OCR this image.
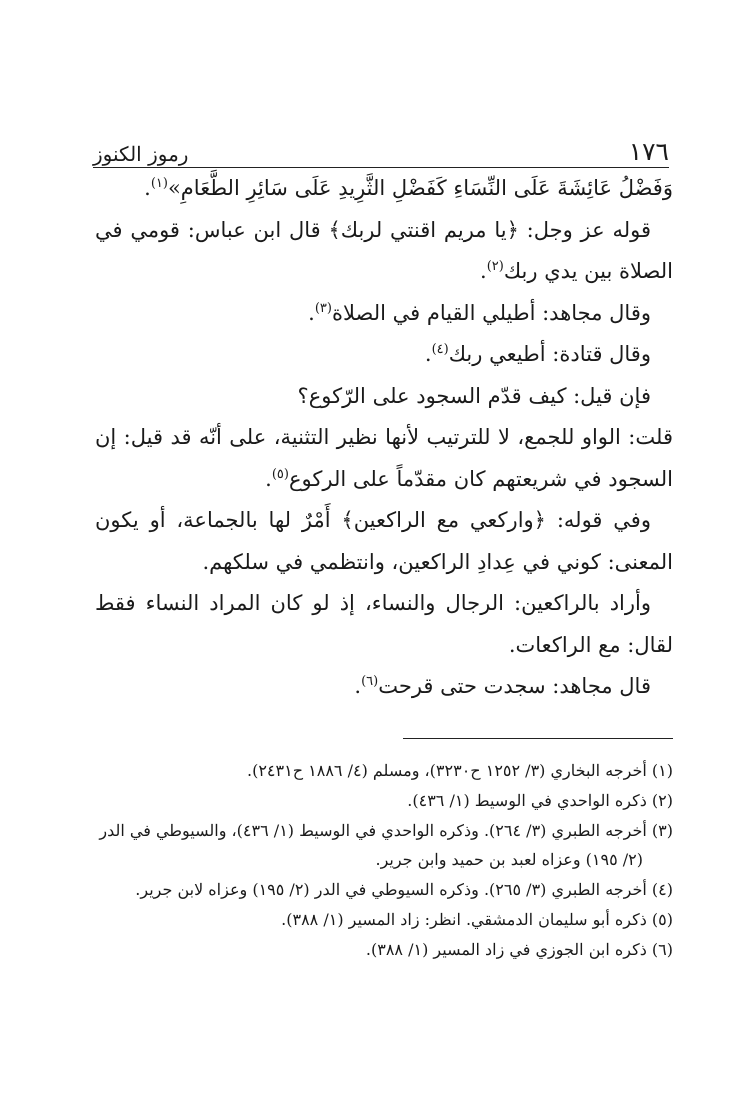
١٧٦
رموز الكنوز

وَفَضْلُ عَائِشَةَ عَلَى النِّسَاءِ كَفَضْلِ الثَّرِيدِ عَلَى سَائِرِ الطَّعَامِ»$^{(١)}$.

قوله عز وجل: ﴿يا مريم اقنتي لربك﴾ قال ابن عباس: قومي في الصلاة بين يدي ربك$^{(٢)}$.

وقال مجاهد: أطيلي القيام في الصلاة$^{(٣)}$.

وقال قتادة: أطيعي ربك$^{(٤)}$.

فإن قيل: كيف قدّم السجود على الرّكوع؟

قلت: الواو للجمع، لا للترتيب لأنها نظير التثنية، على أنّه قد قيل: إن السجود في شريعتهم كان مقدّماً على الركوع$^{(٥)}$.

وفي قوله: ﴿واركعي مع الراكعين﴾ أَمْرٌ لها بالجماعة، أو يكون المعنى: كوني في عِدادِ الراكعين، وانتظمي في سلكهم.

وأراد بالراكعين: الرجال والنساء، إذ لو كان المراد النساء فقط لقال: مع الراكعات.

قال مجاهد: سجدت حتى قرحت$^{(٦)}$.

(١) أخرجه البخاري (٣/ ١٢٥٢ ح٣٢٣٠)، ومسلم (٤/ ١٨٨٦ ح٢٤٣١).
(٢) ذكره الواحدي في الوسيط (١/ ٤٣٦).
(٣) أخرجه الطبري (٣/ ٢٦٤). وذكره الواحدي في الوسيط (١/ ٤٣٦)، والسيوطي في الدر
(٢/ ١٩٥) وعزاه لعبد بن حميد وابن جرير.
(٤) أخرجه الطبري (٣/ ٢٦٥). وذكره السيوطي في الدر (٢/ ١٩٥) وعزاه لابن جرير.
(٥) ذكره أبو سليمان الدمشقي. انظر: زاد المسير (١/ ٣٨٨).
(٦) ذكره ابن الجوزي في زاد المسير (١/ ٣٨٨).
